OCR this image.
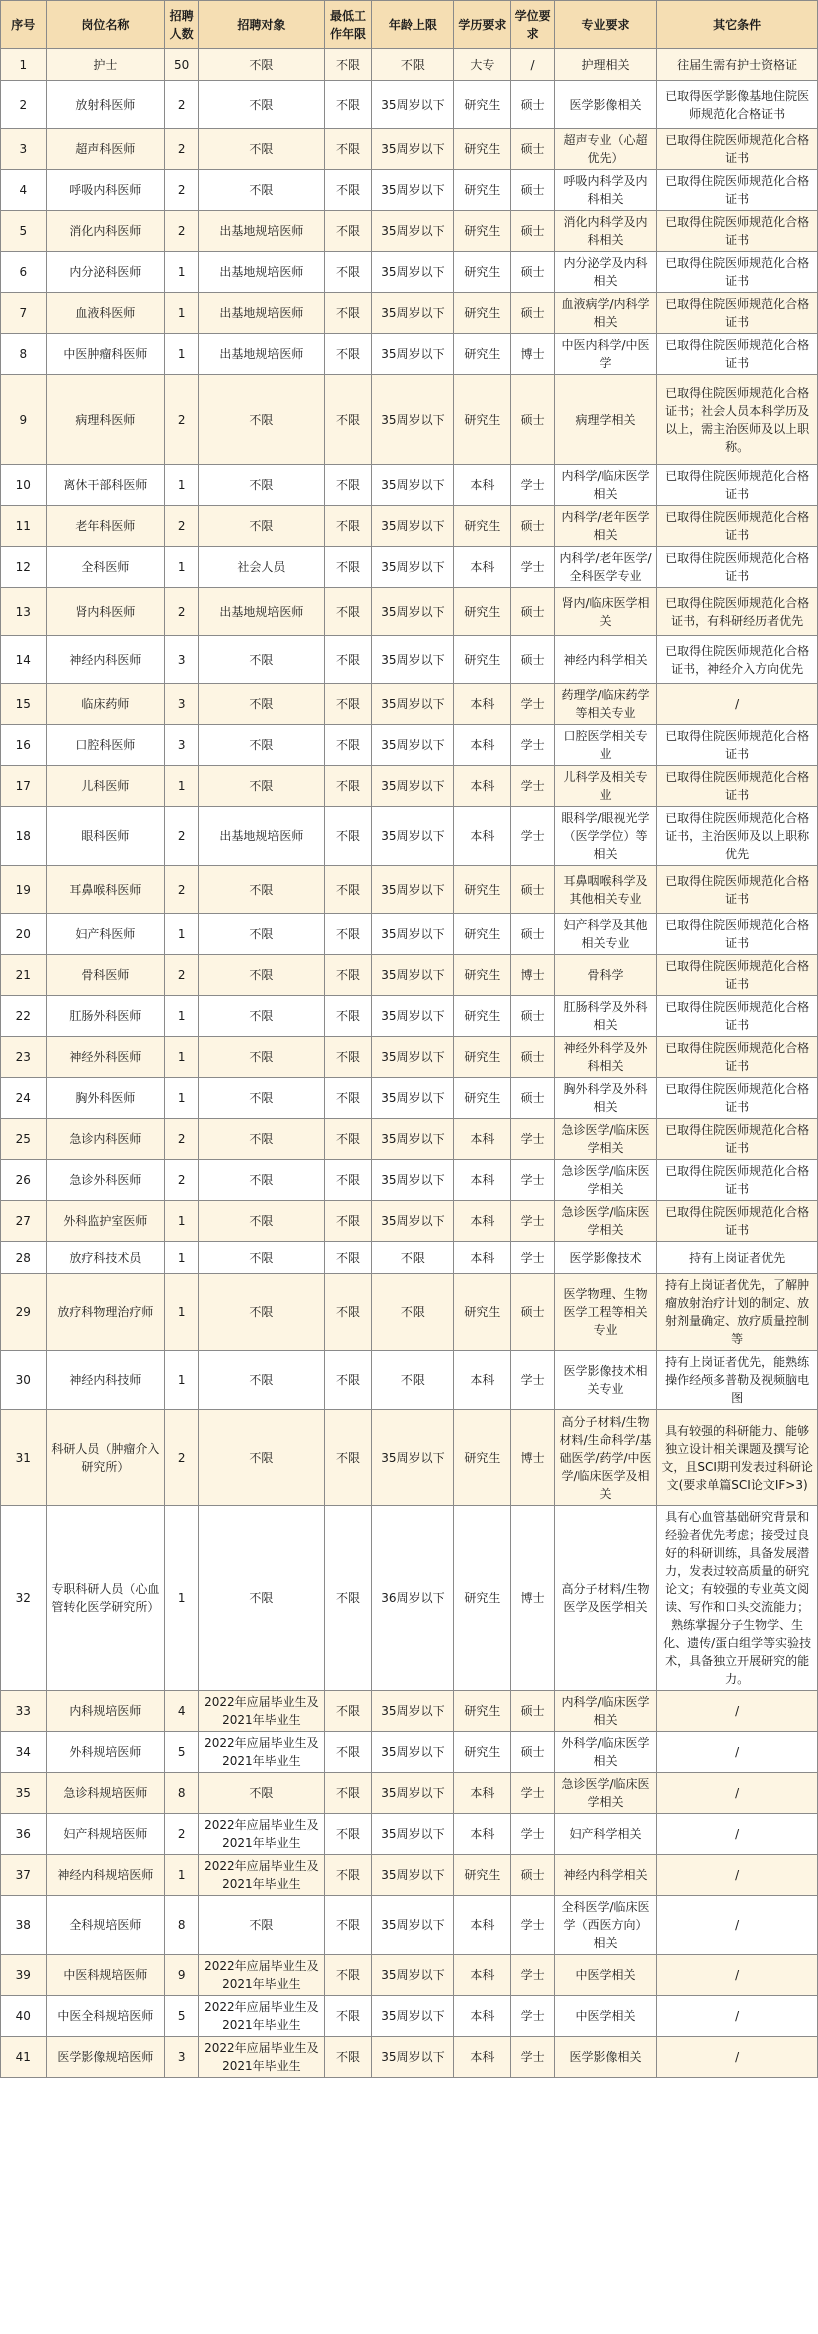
序号	岗位名称	招聘人数	招聘对象	最低工作年限	年龄上限	学历要求	学位要求	专业要求	其它条件
1	护士	50	不限	不限	不限	大专	/	护理相关	往届生需有护士资格证
2	放射科医师	2	不限	不限	35周岁以下	研究生	硕士	医学影像相关	已取得医学影像基地住院医师规范化合格证书
3	超声科医师	2	不限	不限	35周岁以下	研究生	硕士	超声专业（心超优先）	已取得住院医师规范化合格证书
4	呼吸内科医师	2	不限	不限	35周岁以下	研究生	硕士	呼吸内科学及内科相关	已取得住院医师规范化合格证书
5	消化内科医师	2	出基地规培医师	不限	35周岁以下	研究生	硕士	消化内科学及内科相关	已取得住院医师规范化合格证书
6	内分泌科医师	1	出基地规培医师	不限	35周岁以下	研究生	硕士	内分泌学及内科相关	已取得住院医师规范化合格证书
7	血液科医师	1	出基地规培医师	不限	35周岁以下	研究生	硕士	血液病学/内科学相关	已取得住院医师规范化合格证书
8	中医肿瘤科医师	1	出基地规培医师	不限	35周岁以下	研究生	博士	中医内科学/中医学	已取得住院医师规范化合格证书
9	病理科医师	2	不限	不限	35周岁以下	研究生	硕士	病理学相关	已取得住院医师规范化合格证书；社会人员本科学历及以上，需主治医师及以上职称。
10	离休干部科医师	1	不限	不限	35周岁以下	本科	学士	内科学/临床医学相关	已取得住院医师规范化合格证书
11	老年科医师	2	不限	不限	35周岁以下	研究生	硕士	内科学/老年医学相关	已取得住院医师规范化合格证书
12	全科医师	1	社会人员	不限	35周岁以下	本科	学士	内科学/老年医学/全科医学专业	已取得住院医师规范化合格证书
13	肾内科医师	2	出基地规培医师	不限	35周岁以下	研究生	硕士	肾内/临床医学相关	已取得住院医师规范化合格证书，有科研经历者优先
14	神经内科医师	3	不限	不限	35周岁以下	研究生	硕士	神经内科学相关	已取得住院医师规范化合格证书，神经介入方向优先
15	临床药师	3	不限	不限	35周岁以下	本科	学士	药理学/临床药学等相关专业	/
16	口腔科医师	3	不限	不限	35周岁以下	本科	学士	口腔医学相关专业	已取得住院医师规范化合格证书
17	儿科医师	1	不限	不限	35周岁以下	本科	学士	儿科学及相关专业	已取得住院医师规范化合格证书
18	眼科医师	2	出基地规培医师	不限	35周岁以下	本科	学士	眼科学/眼视光学（医学学位）等相关	已取得住院医师规范化合格证书，主治医师及以上职称优先
19	耳鼻喉科医师	2	不限	不限	35周岁以下	研究生	硕士	耳鼻咽喉科学及其他相关专业	已取得住院医师规范化合格证书
20	妇产科医师	1	不限	不限	35周岁以下	研究生	硕士	妇产科学及其他相关专业	已取得住院医师规范化合格证书
21	骨科医师	2	不限	不限	35周岁以下	研究生	博士	骨科学	已取得住院医师规范化合格证书
22	肛肠外科医师	1	不限	不限	35周岁以下	研究生	硕士	肛肠科学及外科相关	已取得住院医师规范化合格证书
23	神经外科医师	1	不限	不限	35周岁以下	研究生	硕士	神经外科学及外科相关	已取得住院医师规范化合格证书
24	胸外科医师	1	不限	不限	35周岁以下	研究生	硕士	胸外科学及外科相关	已取得住院医师规范化合格证书
25	急诊内科医师	2	不限	不限	35周岁以下	本科	学士	急诊医学/临床医学相关	已取得住院医师规范化合格证书
26	急诊外科医师	2	不限	不限	35周岁以下	本科	学士	急诊医学/临床医学相关	已取得住院医师规范化合格证书
27	外科监护室医师	1	不限	不限	35周岁以下	本科	学士	急诊医学/临床医学相关	已取得住院医师规范化合格证书
28	放疗科技术员	1	不限	不限	不限	本科	学士	医学影像技术	持有上岗证者优先
29	放疗科物理治疗师	1	不限	不限	不限	研究生	硕士	医学物理、生物医学工程等相关专业	持有上岗证者优先，了解肿瘤放射治疗计划的制定、放射剂量确定、放疗质量控制等
30	神经内科技师	1	不限	不限	不限	本科	学士	医学影像技术相关专业	持有上岗证者优先，能熟练操作经颅多普勒及视频脑电图
31	科研人员（肿瘤介入研究所）	2	不限	不限	35周岁以下	研究生	博士	高分子材料/生物材料/生命科学/基础医学/药学/中医学/临床医学及相关	具有较强的科研能力、能够独立设计相关课题及撰写论文，且SCI期刊发表过科研论文(要求单篇SCI论文IF>3)
32	专职科研人员（心血管转化医学研究所）	1	不限	不限	36周岁以下	研究生	博士	高分子材料/生物医学及医学相关	具有心血管基础研究背景和经验者优先考虑；接受过良好的科研训练，具备发展潜力，发表过较高质量的研究论文；有较强的专业英文阅读、写作和口头交流能力；熟练掌握分子生物学、生化、遗传/蛋白组学等实验技术，具备独立开展研究的能力。
33	内科规培医师	4	2022年应届毕业生及2021年毕业生	不限	35周岁以下	研究生	硕士	内科学/临床医学相关	/
34	外科规培医师	5	2022年应届毕业生及2021年毕业生	不限	35周岁以下	研究生	硕士	外科学/临床医学相关	/
35	急诊科规培医师	8	不限	不限	35周岁以下	本科	学士	急诊医学/临床医学相关	/
36	妇产科规培医师	2	2022年应届毕业生及2021年毕业生	不限	35周岁以下	本科	学士	妇产科学相关	/
37	神经内科规培医师	1	2022年应届毕业生及2021年毕业生	不限	35周岁以下	研究生	硕士	神经内科学相关	/
38	全科规培医师	8	不限	不限	35周岁以下	本科	学士	全科医学/临床医学（西医方向）相关	/
39	中医科规培医师	9	2022年应届毕业生及2021年毕业生	不限	35周岁以下	本科	学士	中医学相关	/
40	中医全科规培医师	5	2022年应届毕业生及2021年毕业生	不限	35周岁以下	本科	学士	中医学相关	/
41	医学影像规培医师	3	2022年应届毕业生及2021年毕业生	不限	35周岁以下	本科	学士	医学影像相关	/
